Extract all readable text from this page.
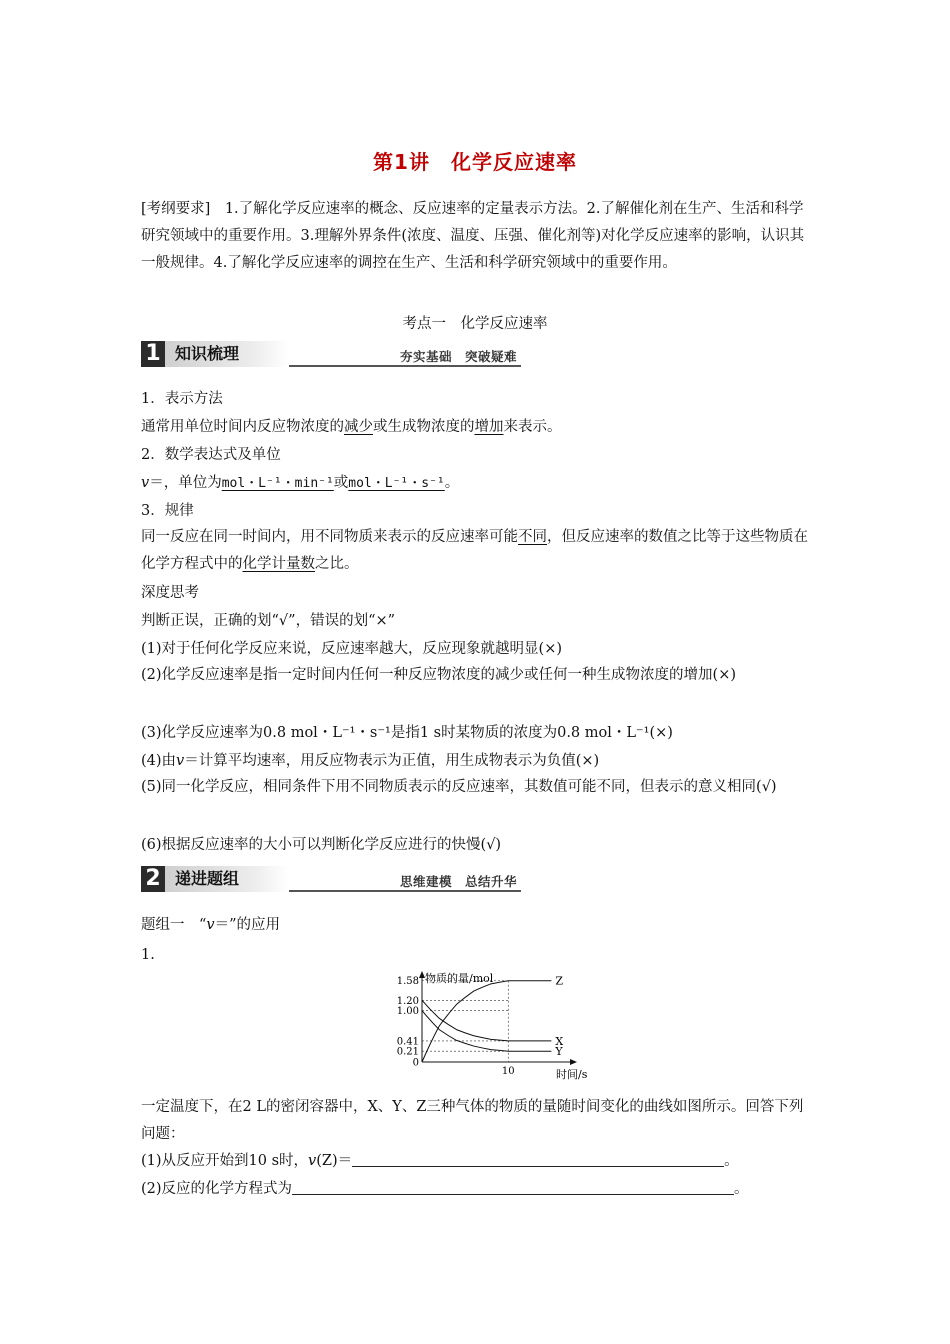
第1讲　化学反应速率
[考纲要求]　1.了解化学反应速率的概念、反应速率的定量表示方法。2.了解催化剂在生产、生活和科学研究领域中的重要作用。3.理解外界条件(浓度、温度、压强、催化剂等)对化学反应速率的影响，认识其一般规律。4.了解化学反应速率的调控在生产、生活和科学研究领域中的重要作用。
考点一　化学反应速率
1 知识梳理	夯实基础　突破疑难
1．表示方法
通常用单位时间内反应物浓度的减少或生成物浓度的增加来表示。
2．数学表达式及单位
v＝，单位为mol・L⁻¹・min⁻¹或mol・L⁻¹・s⁻¹。
3．规律
同一反应在同一时间内，用不同物质来表示的反应速率可能不同，但反应速率的数值之比等于这些物质在化学方程式中的化学计量数之比。
深度思考
判断正误，正确的划“√”，错误的划“×”
(1)对于任何化学反应来说，反应速率越大，反应现象就越明显(×)
(2)化学反应速率是指一定时间内任何一种反应物浓度的减少或任何一种生成物浓度的增加(×)
(3)化学反应速率为0.8 mol・L⁻¹・s⁻¹是指1 s时某物质的浓度为0.8 mol・L⁻¹(×)
(4)由v＝计算平均速率，用反应物表示为正值，用生成物表示为负值(×)
(5)同一化学反应，相同条件下用不同物质表示的反应速率，其数值可能不同，但表示的意义相同(√)
(6)根据反应速率的大小可以判断化学反应进行的快慢(√)
2 递进题组	思维建模　总结升华
题组一　“v＝”的应用
1.
物质的量/mol
时间/s
1.58
1.20
1.00
0.41
0.21
0
10
Z
X
Y
一定温度下，在2 L的密闭容器中，X、Y、Z三种气体的物质的量随时间变化的曲线如图所示。回答下列问题：
(1)从反应开始到10 s时，v(Z)＝	。
(2)反应的化学方程式为	。
